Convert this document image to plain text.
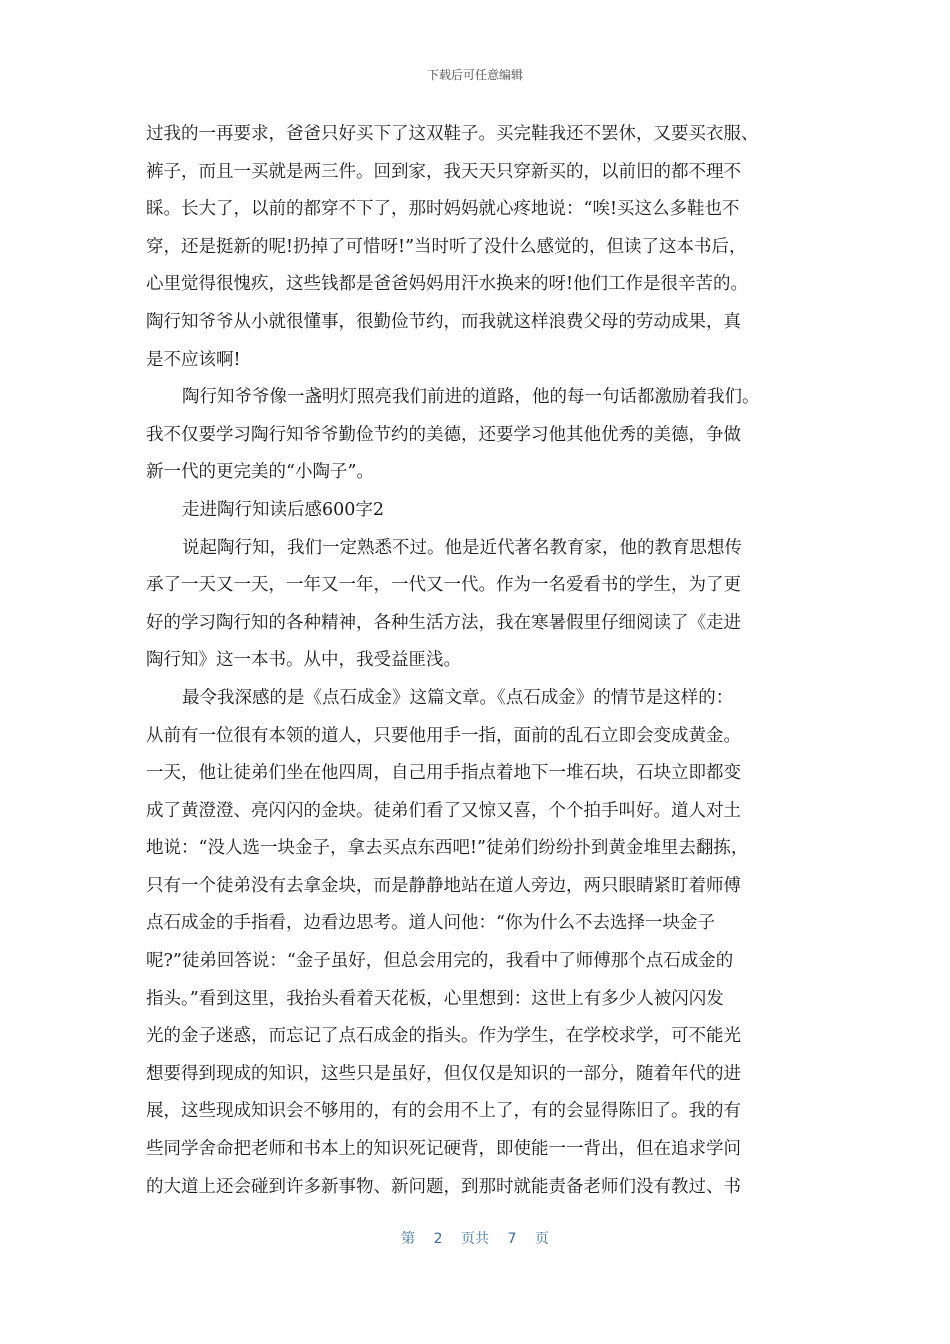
下载后可任意编辑
过我的一再要求，爸爸只好买下了这双鞋子。买完鞋我还不罢休，又要买衣服、
裤子，而且一买就是两三件。回到家，我天天只穿新买的，以前旧的都不理不
睬。长大了，以前的都穿不下了，那时妈妈就心疼地说：“唉!买这么多鞋也不
穿，还是挺新的呢!扔掉了可惜呀!”当时听了没什么感觉的，但读了这本书后，
心里觉得很愧疚，这些钱都是爸爸妈妈用汗水换来的呀!他们工作是很辛苦的。
陶行知爷爷从小就很懂事，很勤俭节约，而我就这样浪费父母的劳动成果，真
是不应该啊!
陶行知爷爷像一盏明灯照亮我们前进的道路，他的每一句话都激励着我们。
我不仅要学习陶行知爷爷勤俭节约的美德，还要学习他其他优秀的美德，争做
新一代的更完美的“小陶子”。
走进陶行知读后感600字2
说起陶行知，我们一定熟悉不过。他是近代著名教育家，他的教育思想传
承了一天又一天，一年又一年，一代又一代。作为一名爱看书的学生，为了更
好的学习陶行知的各种精神，各种生活方法，我在寒暑假里仔细阅读了《走进
陶行知》这一本书。从中，我受益匪浅。
最令我深感的是《点石成金》这篇文章。《点石成金》的情节是这样的：
从前有一位很有本领的道人，只要他用手一指，面前的乱石立即会变成黄金。
一天，他让徒弟们坐在他四周，自己用手指点着地下一堆石块，石块立即都变
成了黄澄澄、亮闪闪的金块。徒弟们看了又惊又喜，个个拍手叫好。道人对土
地说：“没人选一块金子，拿去买点东西吧!”徒弟们纷纷扑到黄金堆里去翻拣，
只有一个徒弟没有去拿金块，而是静静地站在道人旁边，两只眼睛紧盯着师傅
点石成金的手指看，边看边思考。道人问他：“你为什么不去选择一块金子
呢?”徒弟回答说：“金子虽好，但总会用完的，我看中了师傅那个点石成金的
指头。”看到这里，我抬头看着天花板，心里想到：这世上有多少人被闪闪发
光的金子迷惑，而忘记了点石成金的指头。作为学生，在学校求学，可不能光
想要得到现成的知识，这些只是虽好，但仅仅是知识的一部分，随着年代的进
展，这些现成知识会不够用的，有的会用不上了，有的会显得陈旧了。我的有
些同学舍命把老师和书本上的知识死记硬背，即使能一一背出，但在追求学问
的大道上还会碰到许多新事物、新问题，到那时就能责备老师们没有教过、书
第 2 页共 7 页
